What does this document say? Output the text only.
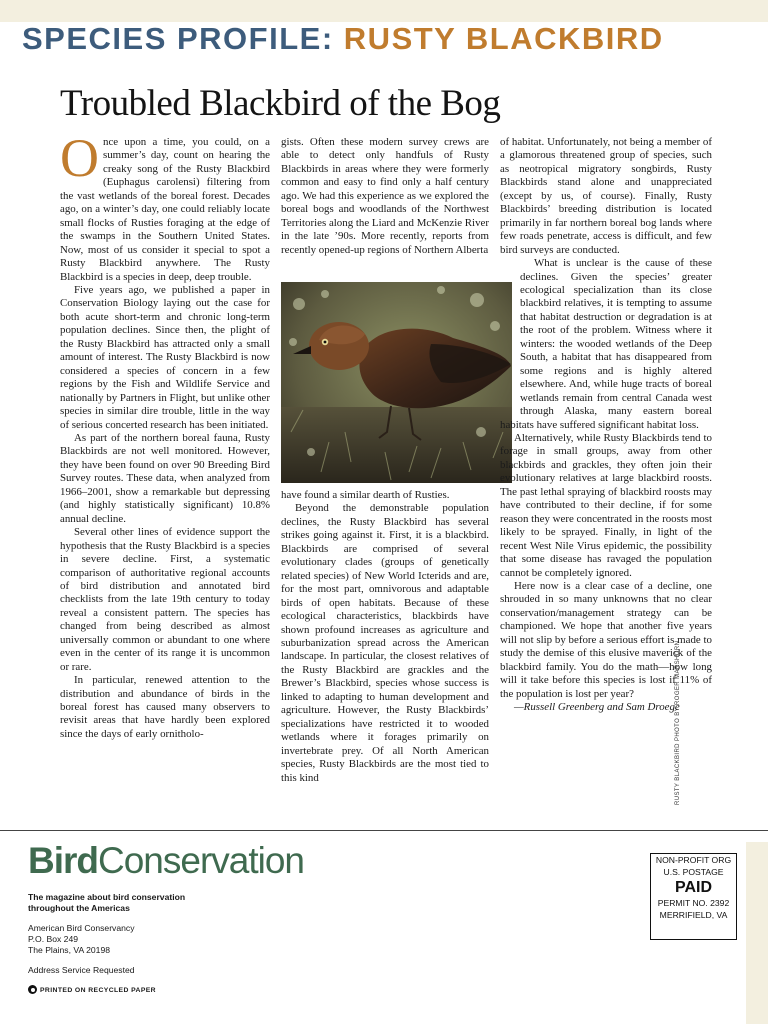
SPECIES PROFILE: RUSTY BLACKBIRD
Troubled Blackbird of the Bog

Once upon a time, you could, on a summer’s day, count on hearing the creaky song of the Rusty Blackbird (Euphagus carolensi) filtering from the vast wetlands of the boreal forest. Decades ago, on a winter’s day, one could reliably locate small flocks of Rusties foraging at the edge of the swamps in the Southern United States. Now, most of us consider it special to spot a Rusty Blackbird anywhere. The Rusty Blackbird is a species in deep, deep trouble.

Five years ago, we published a paper in Conservation Biology laying out the case for both acute short-term and chronic long-term population declines. Since then, the plight of the Rusty Blackbird has attracted only a small amount of interest. The Rusty Blackbird is now considered a species of concern in a few regions by the Fish and Wildlife Service and nationally by Partners in Flight, but unlike other species in similar dire trouble, little in the way of serious concerted research has been initiated.

As part of the northern boreal fauna, Rusty Blackbirds are not well monitored. However, they have been found on over 90 Breeding Bird Survey routes. These data, when analyzed from 1966–2001, show a remarkable but depressing (and highly statistically significant) 10.8% annual decline.

Several other lines of evidence support the hypothesis that the Rusty Blackbird is a species in severe decline. First, a systematic comparison of authoritative regional accounts of bird distribution and annotated bird checklists from the late 19th century to today reveal a consistent pattern. The species has changed from being described as almost universally common or abundant to one where even in the center of its range it is uncommon or rare.

In particular, renewed attention to the distribution and abundance of birds in the boreal forest has caused many observers to revisit areas that have hardly been explored since the days of early ornitholo-

gists. Often these modern survey crews are able to detect only handfuls of Rusty Blackbirds in areas where they were formerly common and easy to find only a half century ago. We had this experience as we explored the boreal bogs and woodlands of the Northwest Territories along the Liard and McKenzie River in the late ’90s. More recently, reports from recently opened-up regions of Northern Alberta

have found a similar dearth of Rusties.

Beyond the demonstrable population declines, the Rusty Blackbird has several strikes going against it. First, it is a blackbird. Blackbirds are comprised of several evolutionary clades (groups of genetically related species) of New World Icterids and are, for the most part, omnivorous and adaptable birds of open habitats. Because of these ecological characteristics, blackbirds have shown profound increases as agriculture and suburbanization spread across the American landscape. In particular, the closest relatives of the Rusty Blackbird are grackles and the Brewer’s Blackbird, species whose success is linked to adapting to human development and agriculture. However, the Rusty Blackbirds’ specializations have restricted it to wooded wetlands where it forages primarily on invertebrate prey. Of all North American species, Rusty Blackbirds are the most tied to this kind

of habitat. Unfortunately, not being a member of a glamorous threatened group of species, such as neotropical migratory songbirds, Rusty Blackbirds stand alone and unappreciated (except by us, of course). Finally, Rusty Blackbirds’ breeding distribution is located primarily in far northern boreal bog lands where few roads penetrate, access is difficult, and few bird surveys are conducted.

What is unclear is the cause of these declines. Given the species’ greater ecological specialization than its close blackbird relatives, it is tempting to assume that habitat destruction or degradation is at the root of the problem. Witness where it winters: the wooded wetlands of the Deep South, a habitat that has disappeared from some regions and is highly altered elsewhere. And, while huge tracts of boreal wetlands remain from central Canada west through Alaska, many eastern boreal habitats have suffered significant habitat loss.

Alternatively, while Rusty Blackbirds tend to forage in small groups, away from other blackbirds and grackles, they often join their evolutionary relatives at large blackbird roosts. The past lethal spraying of blackbird roosts may have contributed to their decline, if for some reason they were concentrated in the roosts most likely to be sprayed. Finally, in light of the recent West Nile Virus epidemic, the possibility that some disease has ravaged the population cannot be completely ignored.

Here now is a clear case of a decline, one shrouded in so many unknowns that no clear conservation/management strategy can be championed. We hope that another five years will not slip by before a serious effort is made to study the demise of this elusive maverick of the blackbird family. You do the math—how long will it take before this species is lost if 11% of the population is lost per year?

—Russell Greenberg and Sam Droege

RUSTY BLACKBIRD PHOTO BY ROGER MARSHORN
BirdConservation
The magazine about bird conservation
throughout the Americas
American Bird Conservancy
P.O. Box 249
The Plains, VA 20198
Address Service Requested
PRINTED ON RECYCLED PAPER
NON-PROFIT ORG
U.S. POSTAGE
PAID
PERMIT NO. 2392
MERRIFIELD, VA
